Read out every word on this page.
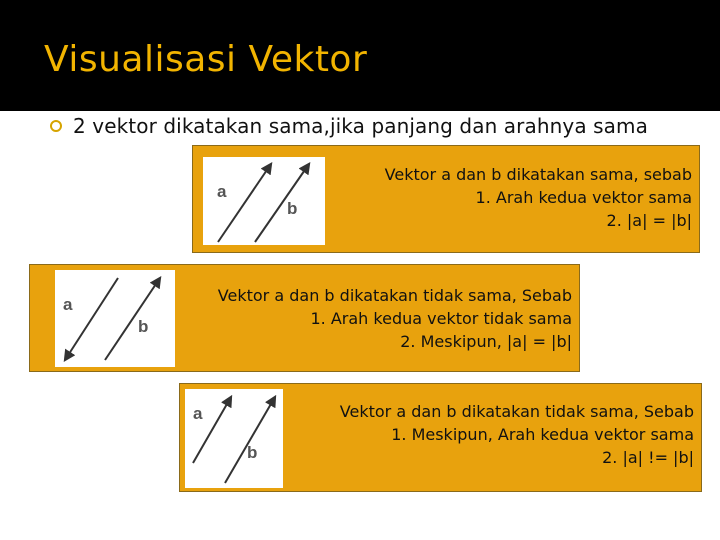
Visualisasi Vektor
2 vektor dikatakan sama,jika panjang dan arahnya sama
a
b
Vektor a dan b dikatakan sama, sebab
1. Arah kedua vektor sama
2. |a| = |b|
a
b
Vektor a dan b dikatakan tidak sama, Sebab
1. Arah kedua vektor tidak sama
2. Meskipun, |a| = |b|
a
b
Vektor a dan b dikatakan tidak sama, Sebab
1. Meskipun, Arah kedua vektor sama
2. |a| != |b|
